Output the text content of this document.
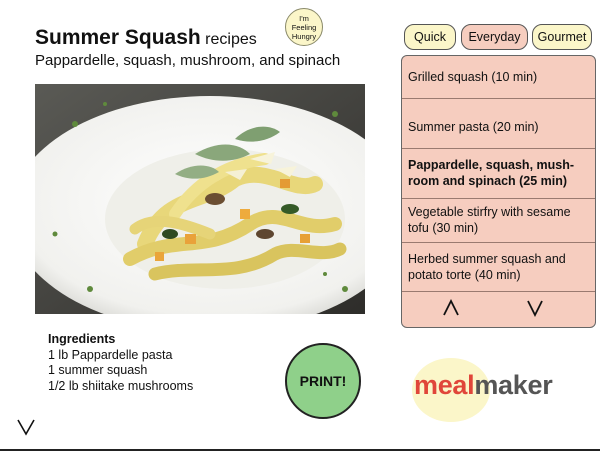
Summer Squash recipes
Pappardelle, squash, mushroom, and spinach
I'm
Feeling
Hungry
Ingredients
1 lb Pappardelle pasta
1 summer squash
1/2 lb shiitake mushrooms	PRINT!
Quick	Everyday	Gourmet
Grilled squash (10 min)
Summer pasta (20 min)
Pappardelle, squash, mush-
room and spinach (25 min)
Vegetable stirfry with sesame
tofu (30 min)
Herbed summer squash and
potato torte (40 min)
mealmaker
